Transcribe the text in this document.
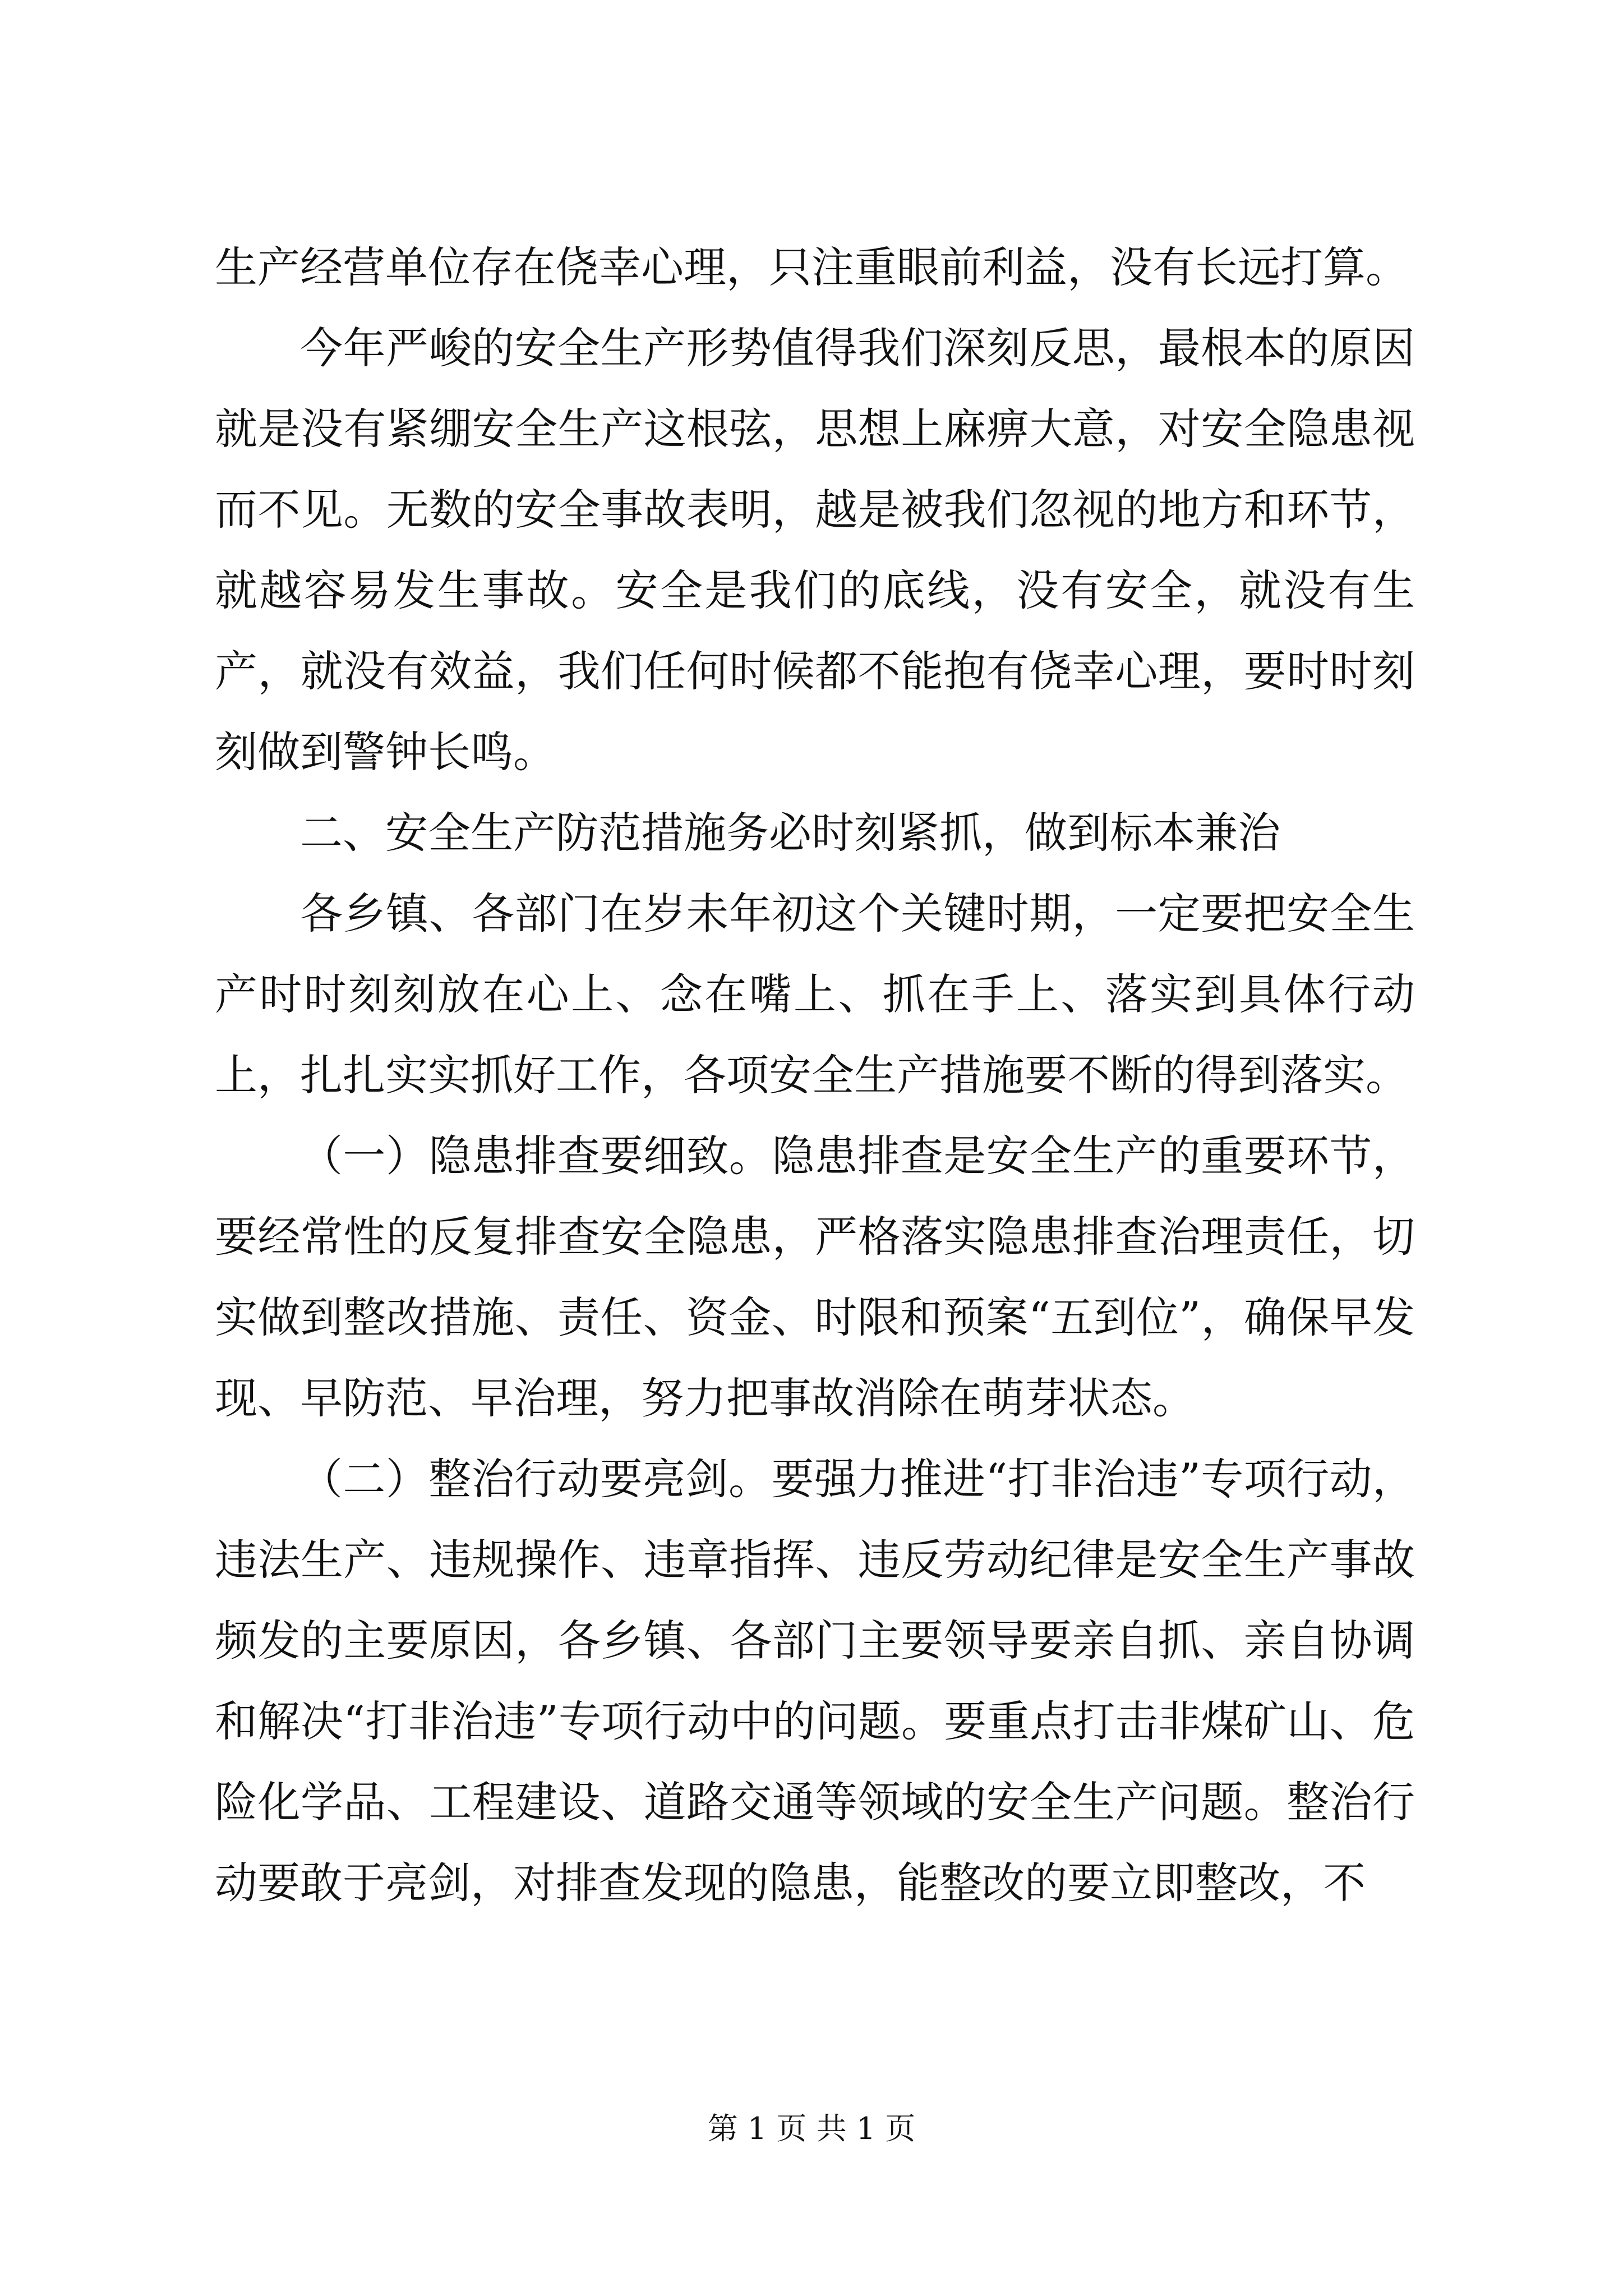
生产经营单位存在侥幸心理，只注重眼前利益，没有长远打算。

今年严峻的安全生产形势值得我们深刻反思，最根本的原因就是没有紧绷安全生产这根弦，思想上麻痹大意，对安全隐患视而不见。无数的安全事故表明，越是被我们忽视的地方和环节，就越容易发生事故。安全是我们的底线，没有安全，就没有生产，就没有效益，我们任何时候都不能抱有侥幸心理，要时时刻刻做到警钟长鸣。

二、安全生产防范措施务必时刻紧抓，做到标本兼治

各乡镇、各部门在岁未年初这个关键时期，一定要把安全生产时时刻刻放在心上、念在嘴上、抓在手上、落实到具体行动上，扎扎实实抓好工作，各项安全生产措施要不断的得到落实。

（一）隐患排查要细致。隐患排查是安全生产的重要环节，要经常性的反复排查安全隐患，严格落实隐患排查治理责任，切实做到整改措施、责任、资金、时限和预案“五到位”，确保早发现、早防范、早治理，努力把事故消除在萌芽状态。

（二）整治行动要亮剑。要强力推进“打非治违”专项行动，违法生产、违规操作、违章指挥、违反劳动纪律是安全生产事故频发的主要原因，各乡镇、各部门主要领导要亲自抓、亲自协调和解决“打非治违”专项行动中的问题。要重点打击非煤矿山、危险化学品、工程建设、道路交通等领域的安全生产问题。整治行动要敢于亮剑，对排查发现的隐患，能整改的要立即整改，不

第 1 页 共 1 页
